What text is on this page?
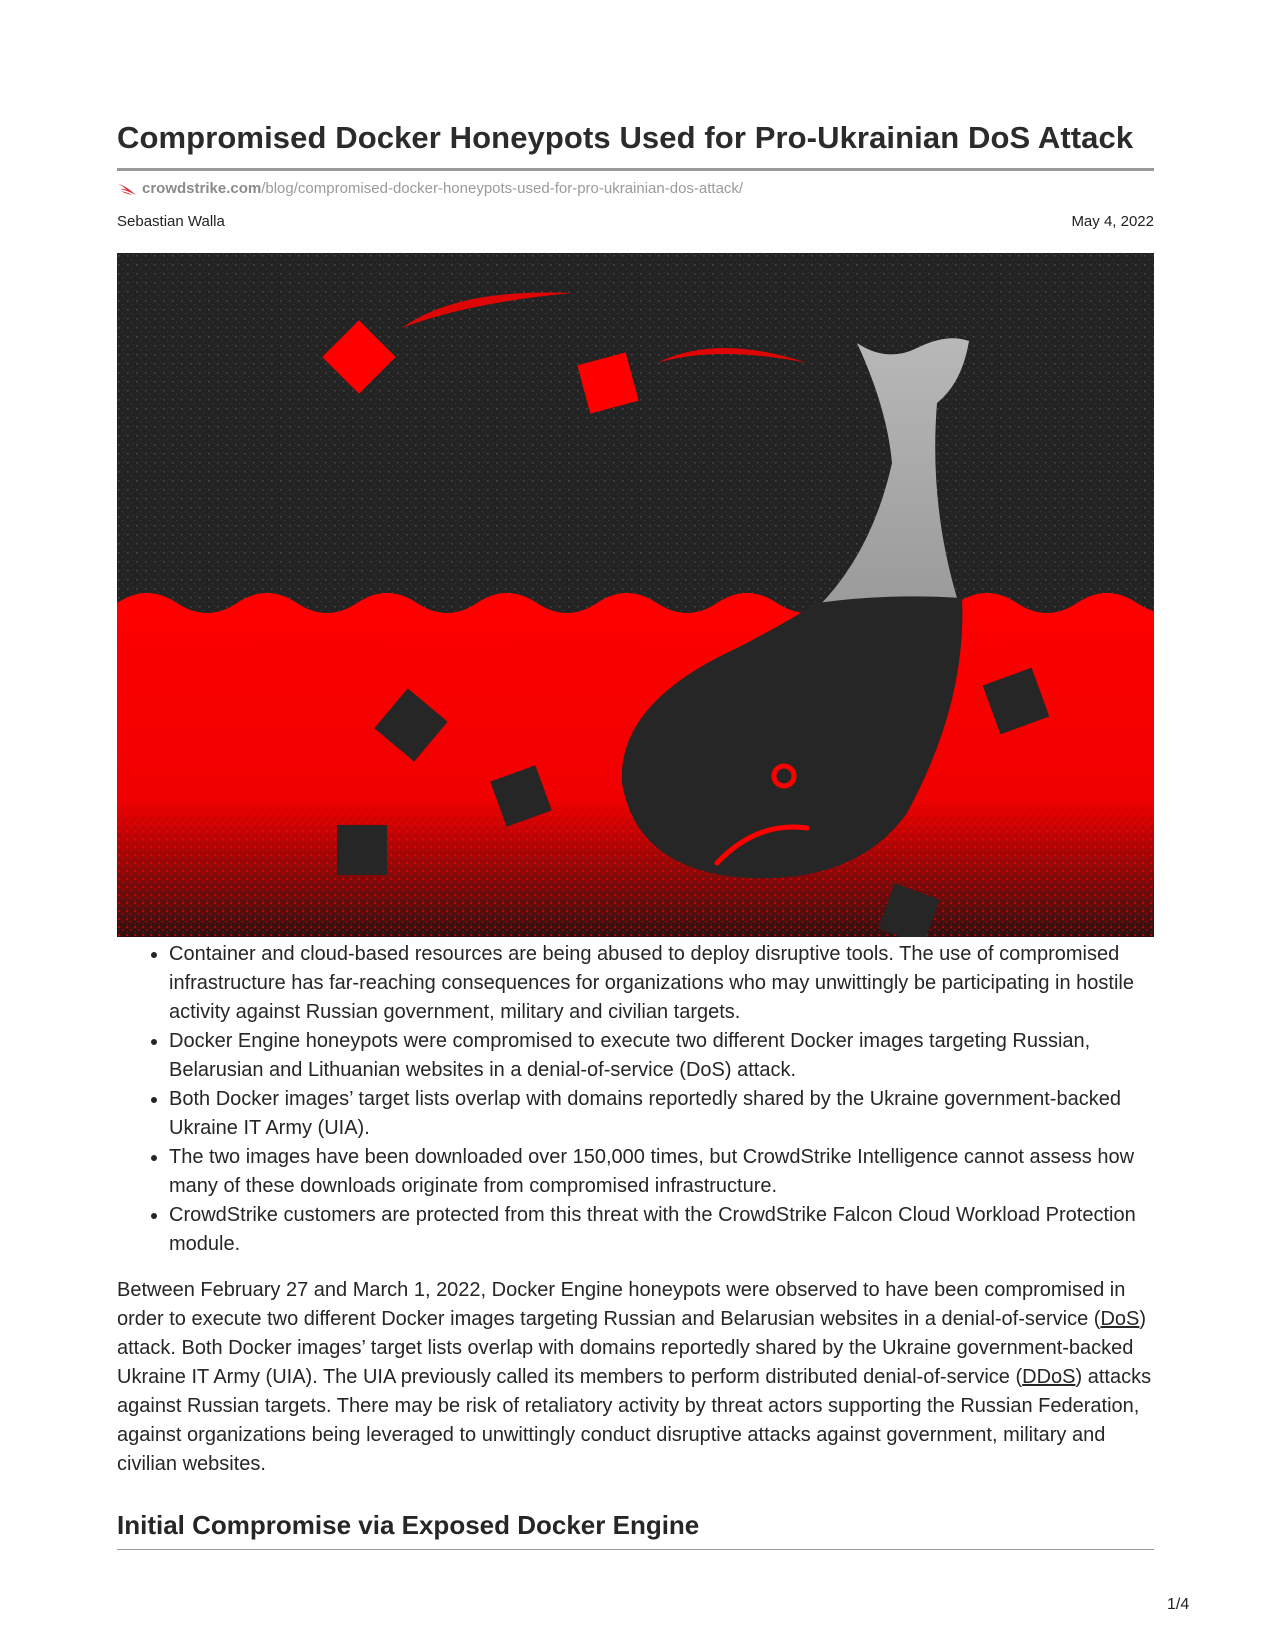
Compromised Docker Honeypots Used for Pro-Ukrainian DoS Attack
crowdstrike.com /blog/compromised-docker-honeypots-used-for-pro-ukrainian-dos-attack/
Sebastian Walla	May 4, 2022
• Container and cloud-based resources are being abused to deploy disruptive tools. The use of compromised infrastructure has far-reaching consequences for organizations who may unwittingly be participating in hostile activity against Russian government, military and civilian targets.
• Docker Engine honeypots were compromised to execute two different Docker images targeting Russian, Belarusian and Lithuanian websites in a denial-of-service (DoS) attack.
• Both Docker images’ target lists overlap with domains reportedly shared by the Ukraine government-backed Ukraine IT Army (UIA).
• The two images have been downloaded over 150,000 times, but CrowdStrike Intelligence cannot assess how many of these downloads originate from compromised infrastructure.
• CrowdStrike customers are protected from this threat with the CrowdStrike Falcon Cloud Workload Protection module.

Between February 27 and March 1, 2022, Docker Engine honeypots were observed to have been compromised in order to execute two different Docker images targeting Russian and Belarusian websites in a denial-of-service (DoS) attack. Both Docker images’ target lists overlap with domains reportedly shared by the Ukraine government-backed Ukraine IT Army (UIA). The UIA previously called its members to perform distributed denial-of-service (DDoS) attacks against Russian targets. There may be risk of retaliatory activity by threat actors supporting the Russian Federation, against organizations being leveraged to unwittingly conduct disruptive attacks against government, military and civilian websites.

Initial Compromise via Exposed Docker Engine
1/4
